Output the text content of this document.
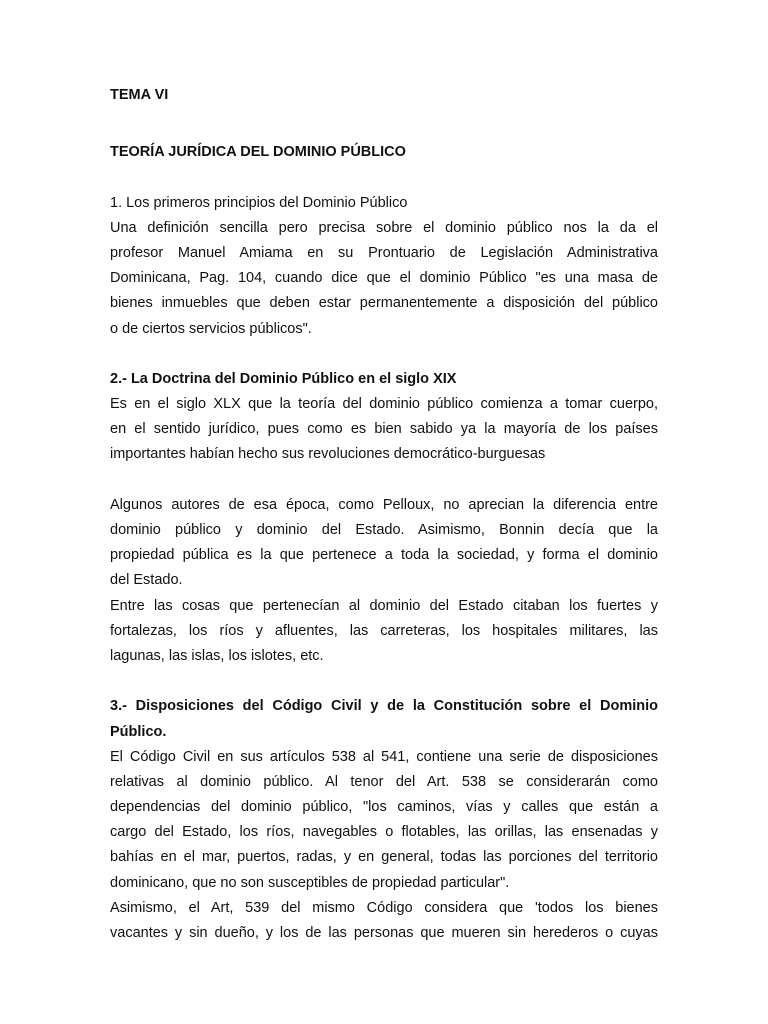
TEMA VI
TEORÍA JURÍDICA DEL DOMINIO PÚBLICO
1. Los primeros principios del Dominio Público
Una definición sencilla pero precisa sobre el dominio público nos la da el
profesor Manuel Amiama en su Prontuario de Legislación Administrativa
Dominicana, Pag. 104, cuando dice que el dominio Público "es una masa de
bienes inmuebles que deben estar permanentemente a disposición del público
o de ciertos servicios públicos".
2.- La Doctrina del Dominio Público en el siglo XIX
Es en el siglo XLX que la teoría del dominio público comienza a tomar cuerpo,
en el sentido jurídico, pues como es bien sabido ya la mayoría de los países
importantes habían hecho sus revoluciones democrático-burguesas
Algunos autores de esa época, como Pelloux, no aprecian la diferencia entre
dominio público y dominio del Estado. Asimismo, Bonnin decía que la
propiedad pública es la que pertenece a toda la sociedad, y forma el dominio
del Estado.
Entre las cosas que pertenecían al dominio del Estado citaban los fuertes y
fortalezas, los ríos y afluentes, las carreteras, los hospitales militares, las
lagunas, las islas, los islotes, etc.
3.- Disposiciones del Código Civil y de la Constitución sobre el Dominio
Público.
El Código Civil en sus artículos 538 al 541, contiene una serie de disposiciones
relativas al dominio público. Al tenor del Art. 538 se considerarán como
dependencias del dominio público, "los caminos, vías y calles que están a
cargo del Estado, los ríos, navegables o flotables, las orillas, las ensenadas y
bahías en el mar, puertos, radas, y en general, todas las porciones del territorio
dominicano, que no son susceptibles de propiedad particular".
Asimismo, el Art, 539 del mismo Código considera que 'todos los bienes
vacantes y sin dueño, y los de las personas que mueren sin herederos o cuyas
